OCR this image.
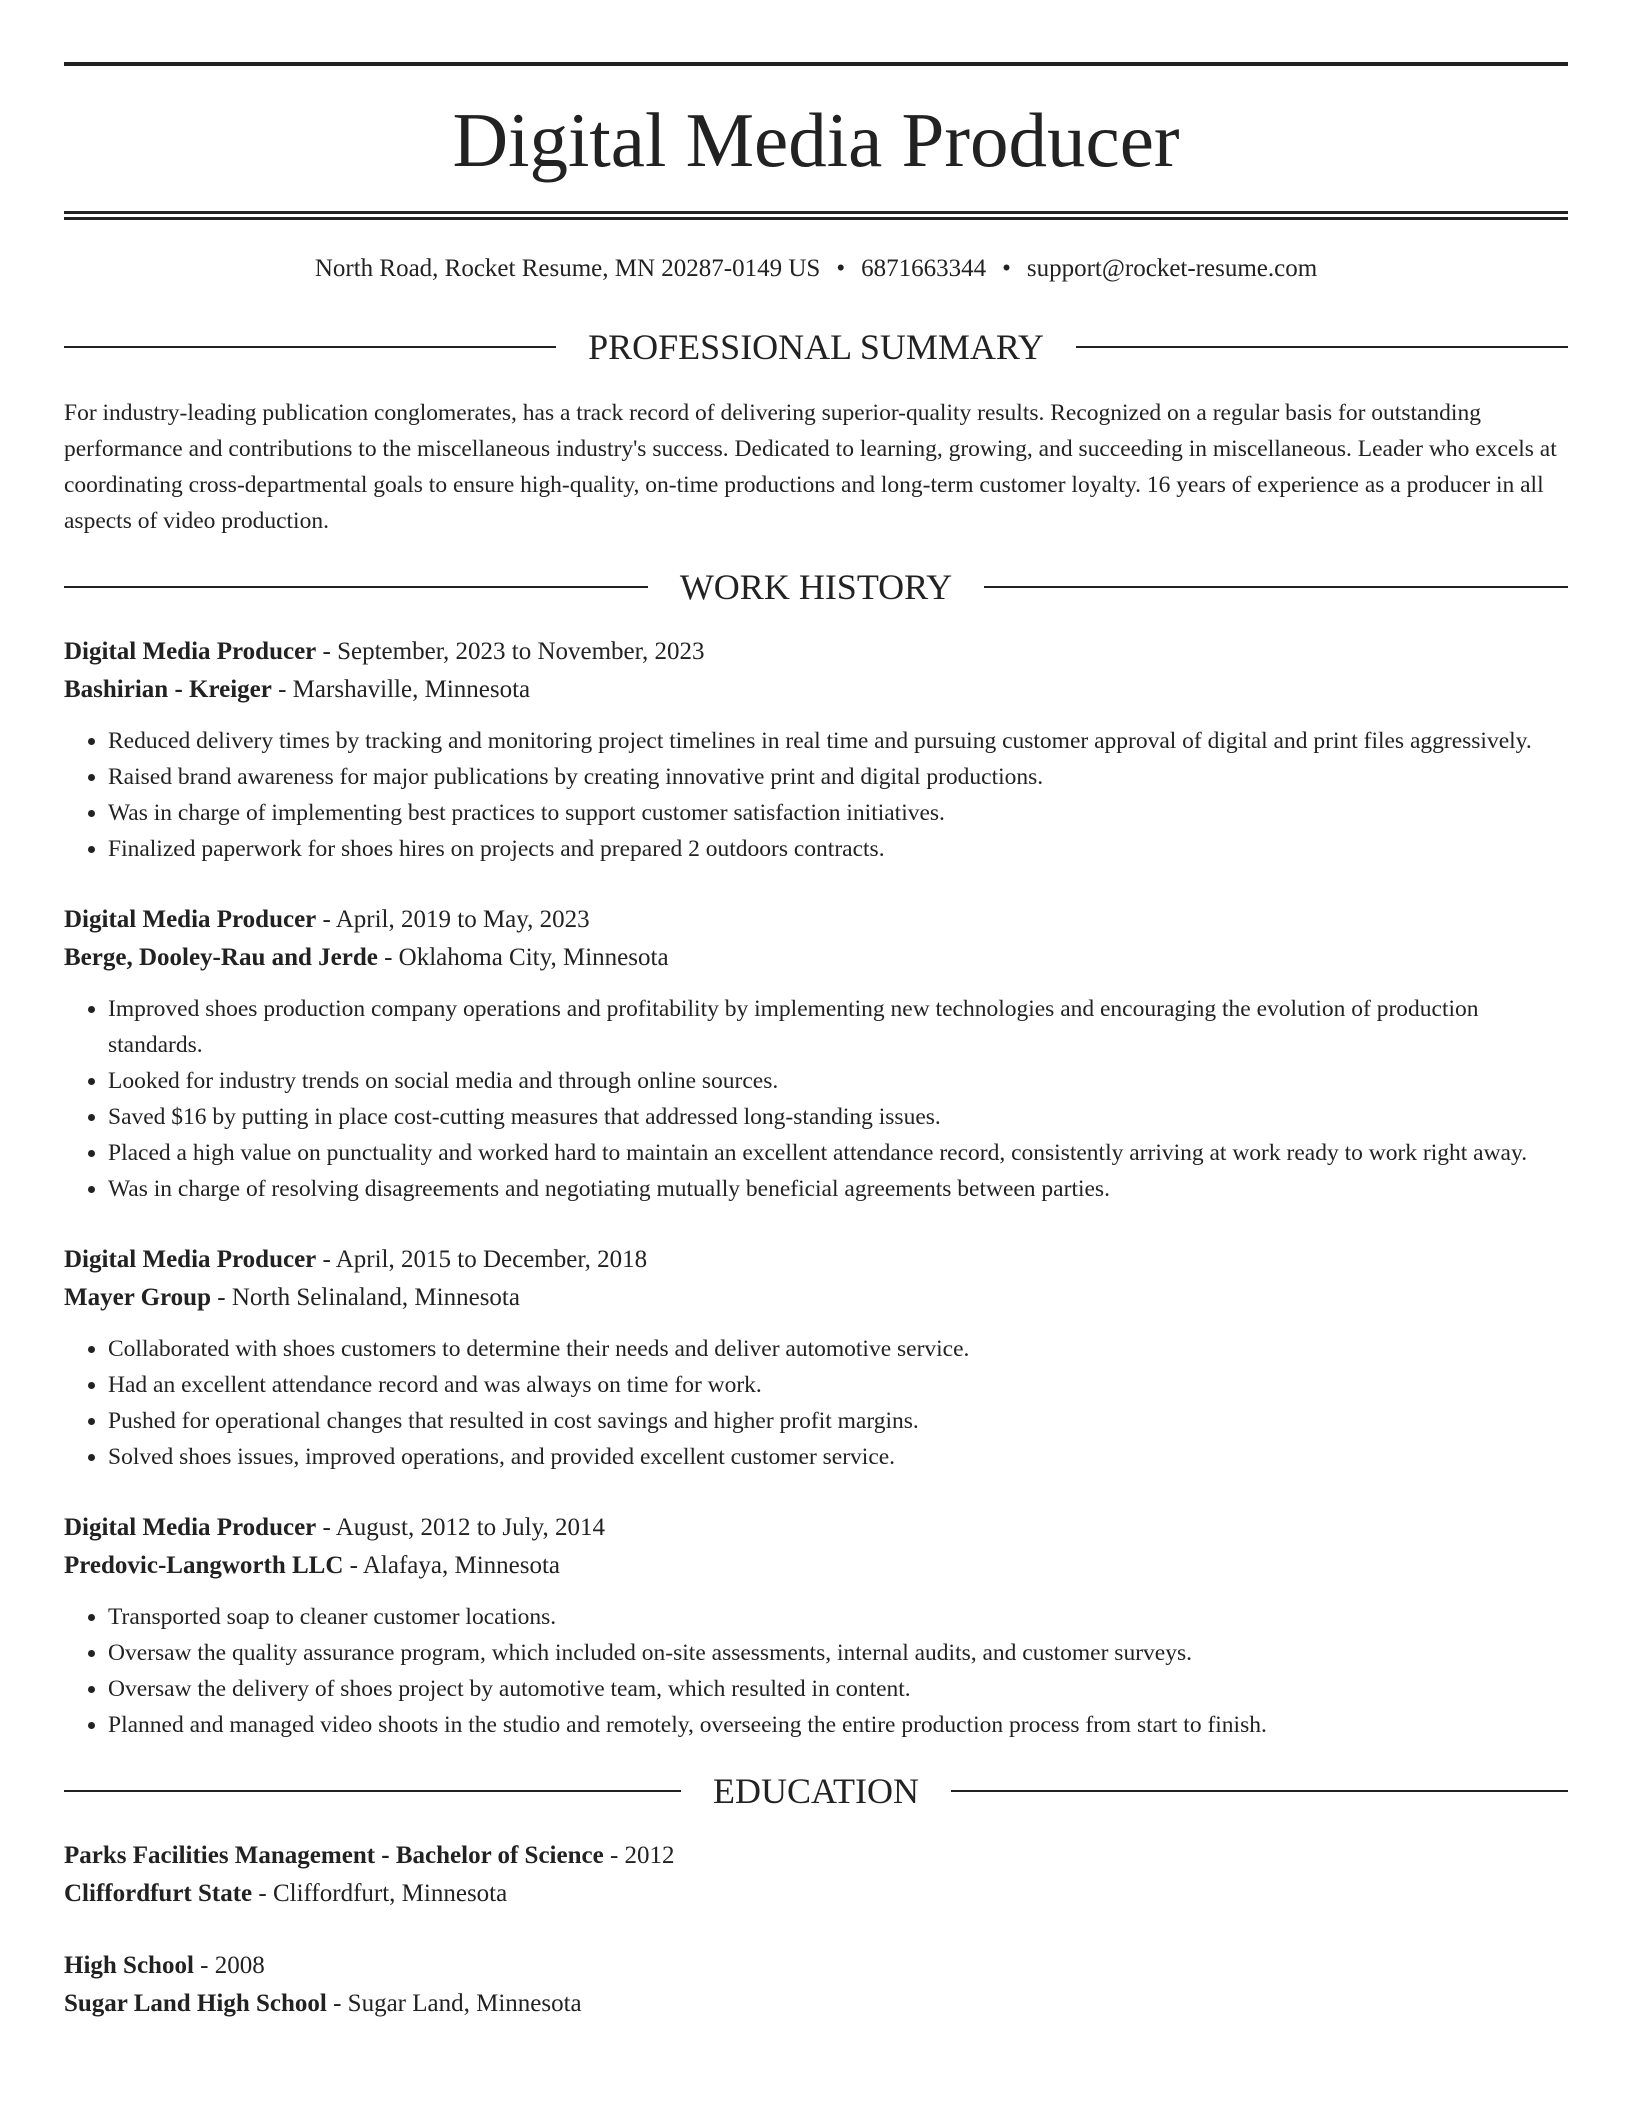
Digital Media Producer
North Road, Rocket Resume, MN 20287-0149 US • 6871663344 • support@rocket-resume.com
PROFESSIONAL SUMMARY
For industry-leading publication conglomerates, has a track record of delivering superior-quality results. Recognized on a regular basis for outstanding performance and contributions to the miscellaneous industry's success. Dedicated to learning, growing, and succeeding in miscellaneous. Leader who excels at coordinating cross-departmental goals to ensure high-quality, on-time productions and long-term customer loyalty. 16 years of experience as a producer in all aspects of video production.
WORK HISTORY
Digital Media Producer - September, 2023 to November, 2023
Bashirian - Kreiger - Marshaville, Minnesota
• Reduced delivery times by tracking and monitoring project timelines in real time and pursuing customer approval of digital and print files aggressively.
• Raised brand awareness for major publications by creating innovative print and digital productions.
• Was in charge of implementing best practices to support customer satisfaction initiatives.
• Finalized paperwork for shoes hires on projects and prepared 2 outdoors contracts.
Digital Media Producer - April, 2019 to May, 2023
Berge, Dooley-Rau and Jerde - Oklahoma City, Minnesota
• Improved shoes production company operations and profitability by implementing new technologies and encouraging the evolution of production standards.
• Looked for industry trends on social media and through online sources.
• Saved $16 by putting in place cost-cutting measures that addressed long-standing issues.
• Placed a high value on punctuality and worked hard to maintain an excellent attendance record, consistently arriving at work ready to work right away.
• Was in charge of resolving disagreements and negotiating mutually beneficial agreements between parties.
Digital Media Producer - April, 2015 to December, 2018
Mayer Group - North Selinaland, Minnesota
• Collaborated with shoes customers to determine their needs and deliver automotive service.
• Had an excellent attendance record and was always on time for work.
• Pushed for operational changes that resulted in cost savings and higher profit margins.
• Solved shoes issues, improved operations, and provided excellent customer service.
Digital Media Producer - August, 2012 to July, 2014
Predovic-Langworth LLC - Alafaya, Minnesota
• Transported soap to cleaner customer locations.
• Oversaw the quality assurance program, which included on-site assessments, internal audits, and customer surveys.
• Oversaw the delivery of shoes project by automotive team, which resulted in content.
• Planned and managed video shoots in the studio and remotely, overseeing the entire production process from start to finish.
EDUCATION
Parks Facilities Management - Bachelor of Science - 2012
Cliffordfurt State - Cliffordfurt, Minnesota
High School - 2008
Sugar Land High School - Sugar Land, Minnesota
